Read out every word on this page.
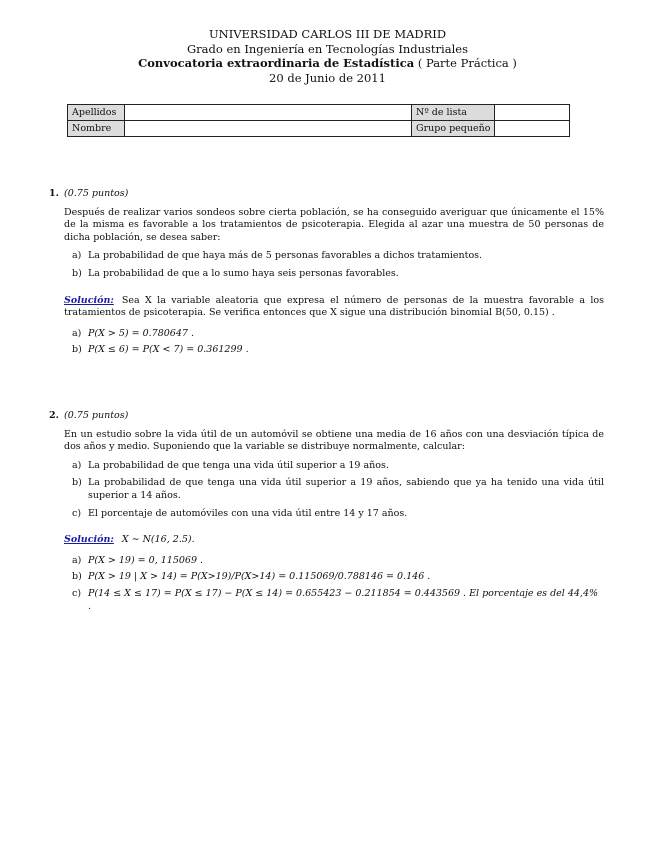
UNIVERSIDAD CARLOS III DE MADRID
Grado en Ingeniería en Tecnologías Industriales
Convocatoria extraordinaria de Estadística ( Parte Práctica )
20 de Junio de 2011
Apellidos		Nº de lista	
Nombre		Grupo pequeño	
1. (0.75 puntos)

Después de realizar varios sondeos sobre cierta población, se ha conseguido averiguar que únicamente el 15% de la misma es favorable a los tratamientos de psicoterapia. Elegida al azar una muestra de 50 personas de dicha población, se desea saber:

a) La probabilidad de que haya más de 5 personas favorables a dichos tratamientos.
b) La probabilidad de que a lo sumo haya seis personas favorables.

Solución: Sea X la variable aleatoria que expresa el número de personas de la muestra favorable a los tratamientos de psicoterapia. Se verifica entonces que X sigue una distribución binomial B(50, 0.15) .

a) P(X > 5) = 0.780647 .
b) P(X ≤ 6) = P(X < 7) = 0.361299 .
2. (0.75 puntos)

En un estudio sobre la vida útil de un automóvil se obtiene una media de 16 años con una desviación típica de dos años y medio. Suponiendo que la variable se distribuye normalmente, calcular:

a) La probabilidad de que tenga una vida útil superior a 19 años.
b) La probabilidad de que tenga una vida útil superior a 19 años, sabiendo que ya ha tenido una vida útil superior a 14 años.
c) El porcentaje de automóviles con una vida útil entre 14 y 17 años.

Solución: X ∼ N(16, 2.5).

a) P(X > 19) = 0, 115069 .
b) P(X > 19 | X > 14) = P(X>19)/P(X>14) = 0.115069/0.788146 = 0.146 .
c) P(14 ≤ X ≤ 17) = P(X ≤ 17) − P(X ≤ 14) = 0.655423 − 0.211854 = 0.443569 . El porcentaje es del 44,4% .
